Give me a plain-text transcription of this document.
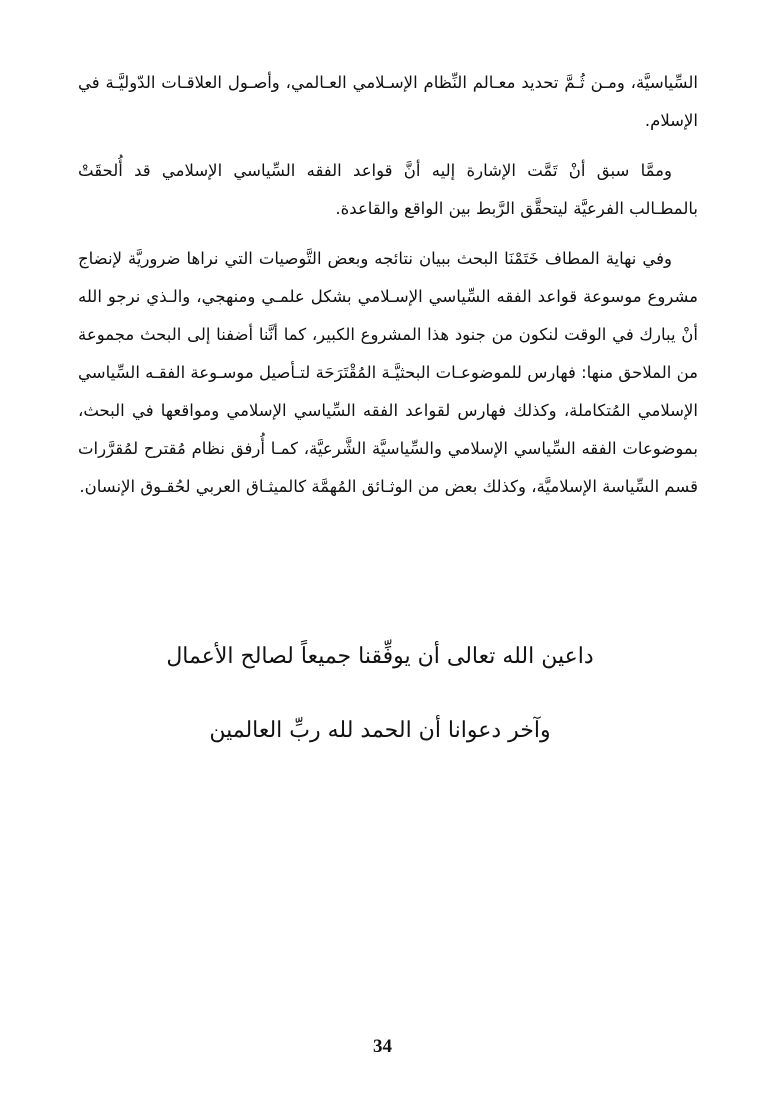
السِّياسيَّة، ومـن ثُـمَّ تحديد معـالم النِّظام الإسـلامي العـالمي، وأصـول العلاقـات الدّوليَّـة في الإسلام.

وممَّا سبق أنْ تَمَّت الإشارة إليه أنَّ قواعد الفقه السِّياسي الإسلامي قد أُلحقَتْ بالمطـالب الفرعيَّة ليتحقَّق الرَّبط بين الواقع والقاعدة.

وفي نهاية المطاف خَتَمْنَا البحث ببيان نتائجه وبعض التَّوصيات التي نراها ضروريَّة لإنضاج مشروع موسوعة قواعد الفقه السِّياسي الإسـلامي بشكل علمـي ومنهجي، والـذي نرجو الله أنْ يبارك في الوقت لنكون من جنود هذا المشروع الكبير، كما أنَّنا أضفنا إلى البحث مجموعة من الملاحق منها: فهارس للموضوعـات البحثيَّـة المُقْتَرَحَة لتـأصيل موسـوعة الفقـه السِّياسي الإسلامي المُتكاملة، وكذلك فهارس لقواعد الفقه السِّياسي الإسلامي ومواقعها في البحث، بموضوعات الفقه السِّياسي الإسلامي والسِّياسيَّة الشَّرعيَّة، كمـا أُرفق نظام مُقترح لمُقرَّرات قسم السِّياسة الإسلاميَّة، وكذلك بعض من الوثـائق المُهمَّة كالميثـاق العربي لحُقـوق الإنسان.

داعين الله تعالى أن يوفِّقنا جميعاً لصالح الأعمال
وآخر دعوانا أن الحمد لله ربِّ العالمين
34
